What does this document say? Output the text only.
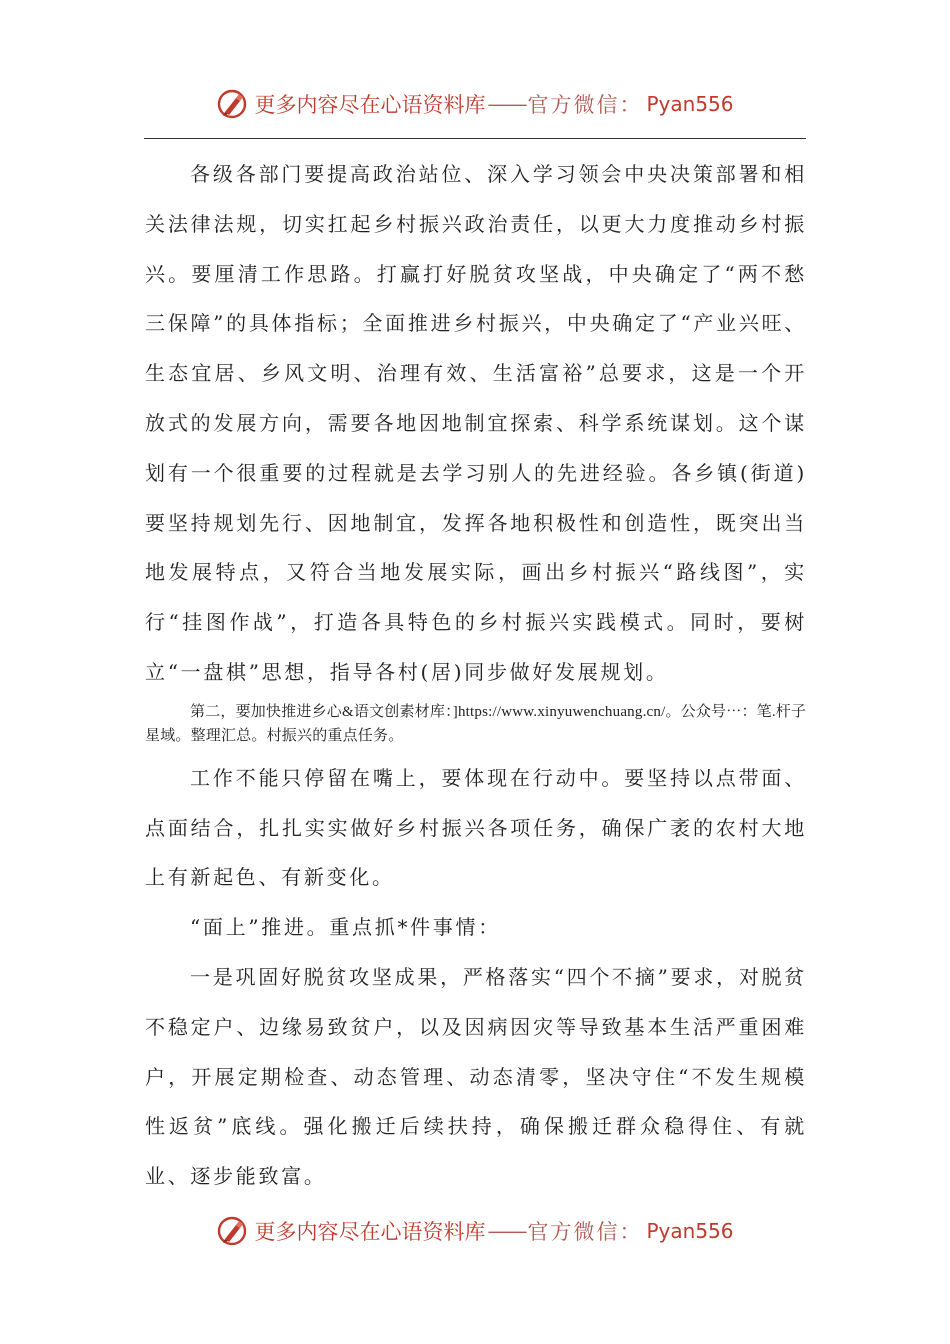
更多内容尽在心语资料库 —— 官方微信： Pyan556

各级各部门要提高政治站位、深入学习领会中央决策部署和相关法律法规，切实扛起乡村振兴政治责任，以更大力度推动乡村振兴。要厘清工作思路。打赢打好脱贫攻坚战，中央确定了“两不愁三保障”的具体指标；全面推进乡村振兴，中央确定了“产业兴旺、生态宜居、乡风文明、治理有效、生活富裕”总要求，这是一个开放式的发展方向，需要各地因地制宜探索、科学系统谋划。这个谋划有一个很重要的过程就是去学习别人的先进经验。各乡镇(街道)要坚持规划先行、因地制宜，发挥各地积极性和创造性，既突出当地发展特点，又符合当地发展实际，画出乡村振兴“路线图”，实行“挂图作战”，打造各具特色的乡村振兴实践模式。同时，要树立“一盘棋”思想，指导各村(居)同步做好发展规划。

第二，要加快推进乡心&语文创素材库：]https://www.xinyuwenchuang.cn/。公众号⋯：笔.杆子星域。整理汇总。村振兴的重点任务。

工作不能只停留在嘴上，要体现在行动中。要坚持以点带面、点面结合，扎扎实实做好乡村振兴各项任务，确保广袤的农村大地上有新起色、有新变化。

“面上”推进。重点抓*件事情：

一是巩固好脱贫攻坚成果，严格落实“四个不摘”要求，对脱贫不稳定户、边缘易致贫户，以及因病因灾等导致基本生活严重困难户，开展定期检查、动态管理、动态清零，坚决守住“不发生规模性返贫”底线。强化搬迁后续扶持，确保搬迁群众稳得住、有就业、逐步能致富。

更多内容尽在心语资料库 —— 官方微信： Pyan556
